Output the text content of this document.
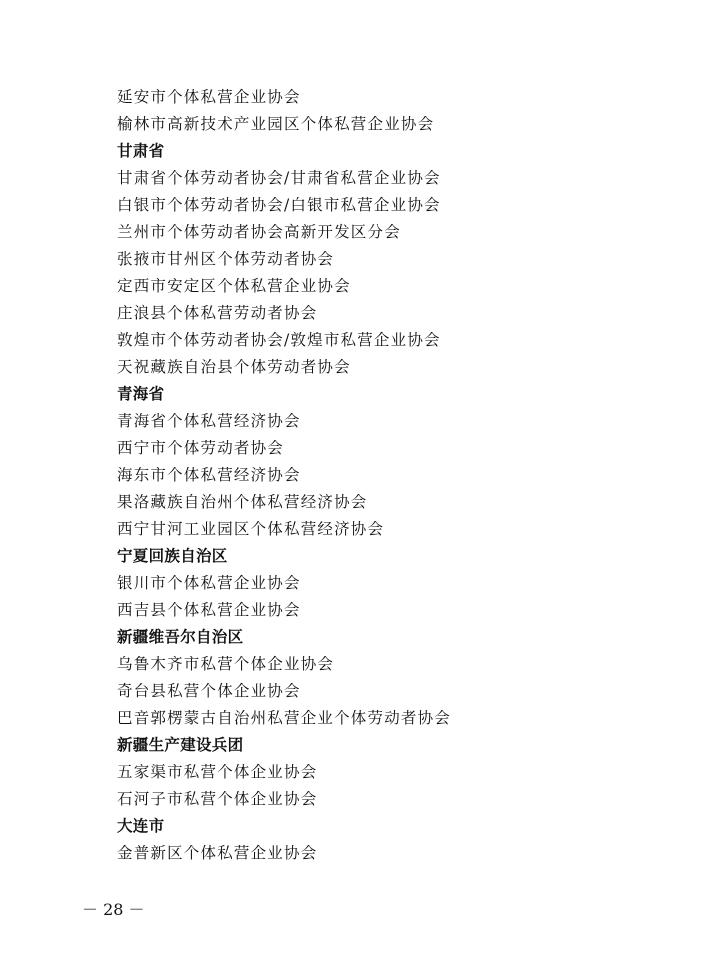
延安市个体私营企业协会
榆林市高新技术产业园区个体私营企业协会
甘肃省
甘肃省个体劳动者协会/甘肃省私营企业协会
白银市个体劳动者协会/白银市私营企业协会
兰州市个体劳动者协会高新开发区分会
张掖市甘州区个体劳动者协会
定西市安定区个体私营企业协会
庄浪县个体私营劳动者协会
敦煌市个体劳动者协会/敦煌市私营企业协会
天祝藏族自治县个体劳动者协会
青海省
青海省个体私营经济协会
西宁市个体劳动者协会
海东市个体私营经济协会
果洛藏族自治州个体私营经济协会
西宁甘河工业园区个体私营经济协会
宁夏回族自治区
银川市个体私营企业协会
西吉县个体私营企业协会
新疆维吾尔自治区
乌鲁木齐市私营个体企业协会
奇台县私营个体企业协会
巴音郭楞蒙古自治州私营企业个体劳动者协会
新疆生产建设兵团
五家渠市私营个体企业协会
石河子市私营个体企业协会
大连市
金普新区个体私营企业协会
－ 28 －
